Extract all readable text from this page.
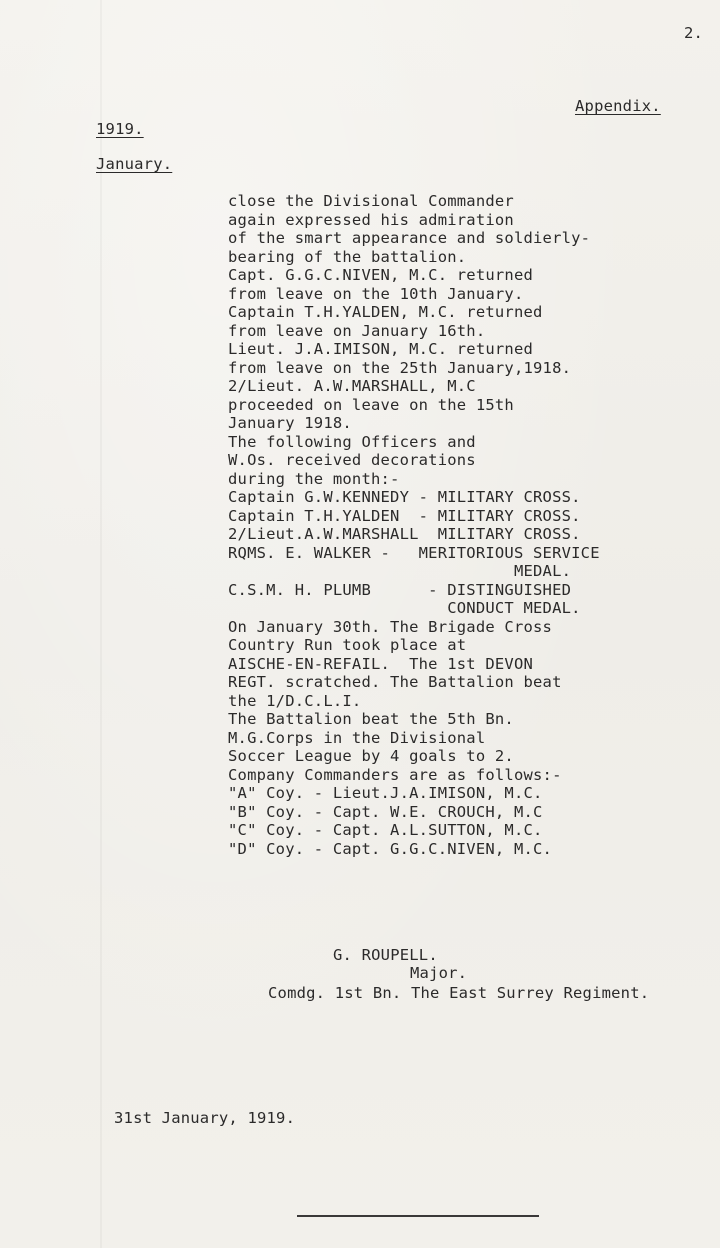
2.
Appendix.
1919.
January.
close the Divisional Commander
again expressed his admiration
of the smart appearance and soldierly-
bearing of the battalion.
Capt. G.G.C.NIVEN, M.C. returned
from leave on the 10th January.
Captain T.H.YALDEN, M.C. returned
from leave on January 16th.
Lieut. J.A.IMISON, M.C. returned
from leave on the 25th January,1918.
2/Lieut. A.W.MARSHALL, M.C
proceeded on leave on the 15th
January 1918.
The following Officers and
W.Os. received decorations
during the month:-
Captain G.W.KENNEDY - MILITARY CROSS.
Captain T.H.YALDEN  - MILITARY CROSS.
2/Lieut.A.W.MARSHALL  MILITARY CROSS.
RQMS. E. WALKER -   MERITORIOUS SERVICE
MEDAL.
C.S.M. H. PLUMB      - DISTINGUISHED
CONDUCT MEDAL.
On January 30th. The Brigade Cross
Country Run took place at
AISCHE-EN-REFAIL.  The 1st DEVON
REGT. scratched. The Battalion beat
the 1/D.C.L.I.
The Battalion beat the 5th Bn.
M.G.Corps in the Divisional
Soccer League by 4 goals to 2.
Company Commanders are as follows:-
"A" Coy. - Lieut.J.A.IMISON, M.C.
"B" Coy. - Capt. W.E. CROUCH, M.C
"C" Coy. - Capt. A.L.SUTTON, M.C.
"D" Coy. - Capt. G.G.C.NIVEN, M.C.
G. ROUPELL.
Major.
Comdg. 1st Bn. The East Surrey Regiment.
31st January, 1919.
